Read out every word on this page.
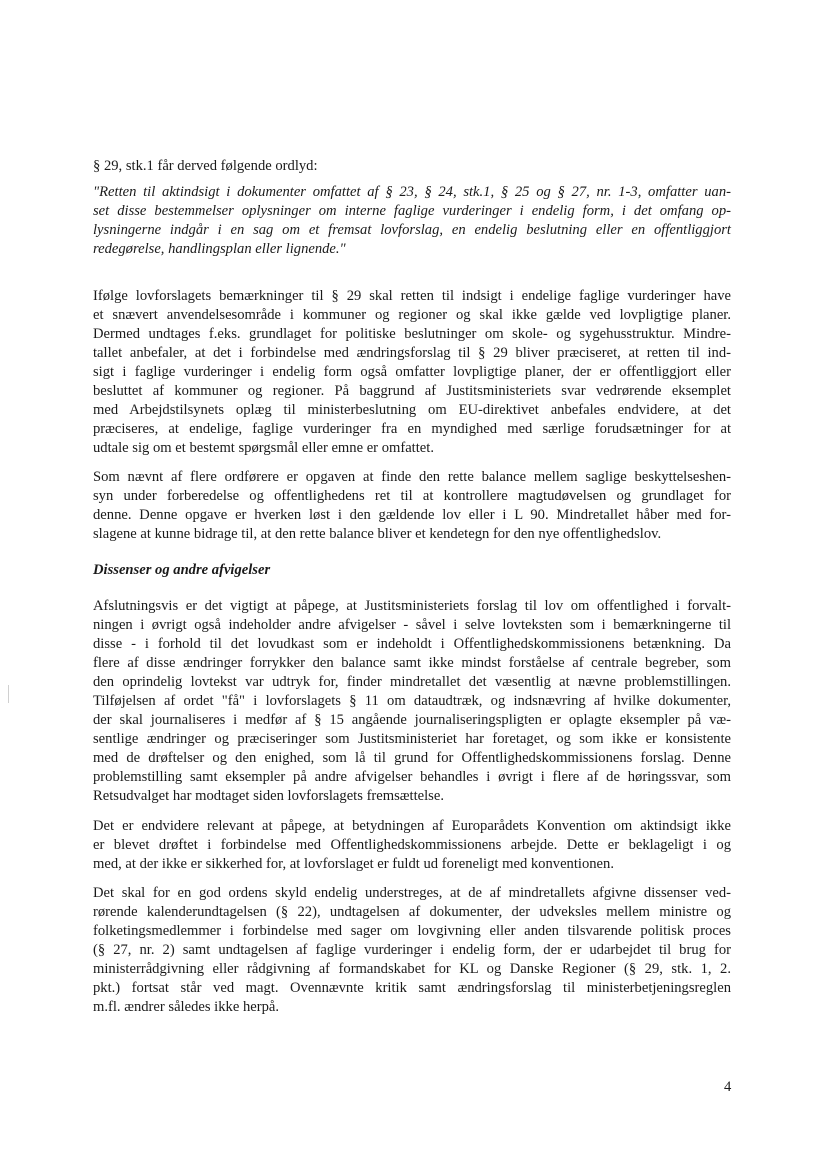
§ 29, stk.1 får derved følgende ordlyd:
"Retten til aktindsigt i dokumenter omfattet af § 23, § 24, stk.1, § 25 og § 27, nr. 1-3, omfatter uan-
set disse bestemmelser oplysninger om interne faglige vurderinger i endelig form, i det omfang op-
lysningerne indgår i en sag om et fremsat lovforslag, en endelig beslutning eller en offentliggjort
redegørelse, handlingsplan eller lignende."
Ifølge lovforslagets bemærkninger til § 29 skal retten til indsigt i endelige faglige vurderinger have
et snævert anvendelsesområde i kommuner og regioner og skal ikke gælde ved lovpligtige planer.
Dermed undtages f.eks. grundlaget for politiske beslutninger om skole- og sygehusstruktur. Mindre-
tallet anbefaler, at det i forbindelse med ændringsforslag til § 29 bliver præciseret, at retten til ind-
sigt i faglige vurderinger i endelig form også omfatter lovpligtige planer, der er offentliggjort eller
besluttet af kommuner og regioner. På baggrund af Justitsministeriets svar vedrørende eksemplet
med Arbejdstilsynets oplæg til ministerbeslutning om EU-direktivet anbefales endvidere, at det
præciseres, at endelige, faglige vurderinger fra en myndighed med særlige forudsætninger for at
udtale sig om et bestemt spørgsmål eller emne er omfattet.
Som nævnt af flere ordførere er opgaven at finde den rette balance mellem saglige beskyttelseshen-
syn under forberedelse og offentlighedens ret til at kontrollere magtudøvelsen og grundlaget for
denne. Denne opgave er hverken løst i den gældende lov eller i L 90. Mindretallet håber med for-
slagene at kunne bidrage til, at den rette balance bliver et kendetegn for den nye offentlighedslov.
Dissenser og andre afvigelser
Afslutningsvis er det vigtigt at påpege, at Justitsministeriets forslag til lov om offentlighed i forvalt-
ningen i øvrigt også indeholder andre afvigelser - såvel i selve lovteksten som i bemærkningerne til
disse - i forhold til det lovudkast som er indeholdt i Offentlighedskommissionens betænkning. Da
flere af disse ændringer forrykker den balance samt ikke mindst forståelse af centrale begreber, som
den oprindelig lovtekst var udtryk for, finder mindretallet det væsentlig at nævne problemstillingen.
Tilføjelsen af ordet "få" i lovforslagets § 11 om dataudtræk, og indsnævring af hvilke dokumenter,
der skal journaliseres i medfør af § 15 angående journaliseringspligten er oplagte eksempler på væ-
sentlige ændringer og præciseringer som Justitsministeriet har foretaget, og som ikke er konsistente
med de drøftelser og den enighed, som lå til grund for Offentlighedskommissionens forslag. Denne
problemstilling samt eksempler på andre afvigelser behandles i øvrigt i flere af de høringssvar, som
Retsudvalget har modtaget siden lovforslagets fremsættelse.
Det er endvidere relevant at påpege, at betydningen af Europarådets Konvention om aktindsigt ikke
er blevet drøftet i forbindelse med Offentlighedskommissionens arbejde. Dette er beklageligt i og
med, at der ikke er sikkerhed for, at lovforslaget er fuldt ud foreneligt med konventionen.
Det skal for en god ordens skyld endelig understreges, at de af mindretallets afgivne dissenser ved-
rørende kalenderundtagelsen (§ 22), undtagelsen af dokumenter, der udveksles mellem ministre og
folketingsmedlemmer i forbindelse med sager om lovgivning eller anden tilsvarende politisk proces
(§ 27, nr. 2) samt undtagelsen af faglige vurderinger i endelig form, der er udarbejdet til brug for
ministerrådgivning eller rådgivning af formandskabet for KL og Danske Regioner (§ 29, stk. 1, 2.
pkt.) fortsat står ved magt. Ovennævnte kritik samt ændringsforslag til ministerbetjeningsreglen
m.fl. ændrer således ikke herpå.
4
